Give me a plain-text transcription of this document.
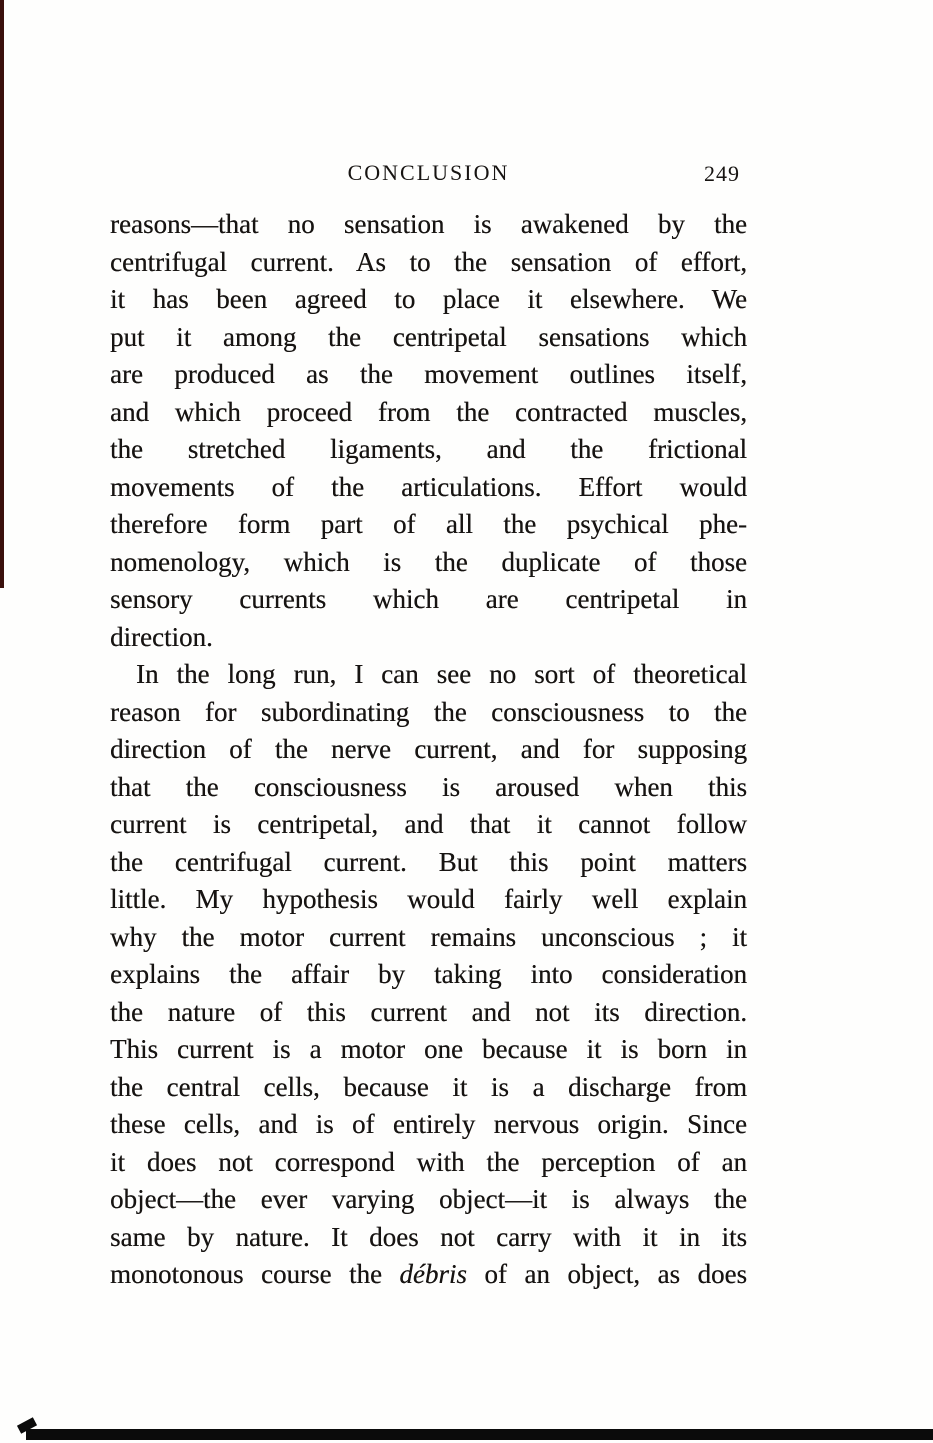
CONCLUSION	249
reasons—that no sensation is awakened by the
centrifugal current. As to the sensation of effort,
it has been agreed to place it elsewhere. We
put it among the centripetal sensations which
are produced as the movement outlines itself,
and which proceed from the contracted muscles,
the stretched ligaments, and the frictional
movements of the articulations. Effort would
therefore form part of all the psychical phe-
nomenology, which is the duplicate of those
sensory currents which are centripetal in
direction.
In the long run, I can see no sort of theoretical
reason for subordinating the consciousness to the
direction of the nerve current, and for supposing
that the consciousness is aroused when this
current is centripetal, and that it cannot follow
the centrifugal current. But this point matters
little. My hypothesis would fairly well explain
why the motor current remains unconscious ; it
explains the affair by taking into consideration
the nature of this current and not its direction.
This current is a motor one because it is born in
the central cells, because it is a discharge from
these cells, and is of entirely nervous origin. Since
it does not correspond with the perception of an
object—the ever varying object—it is always the
same by nature. It does not carry with it in its
monotonous course the débris of an object, as does
